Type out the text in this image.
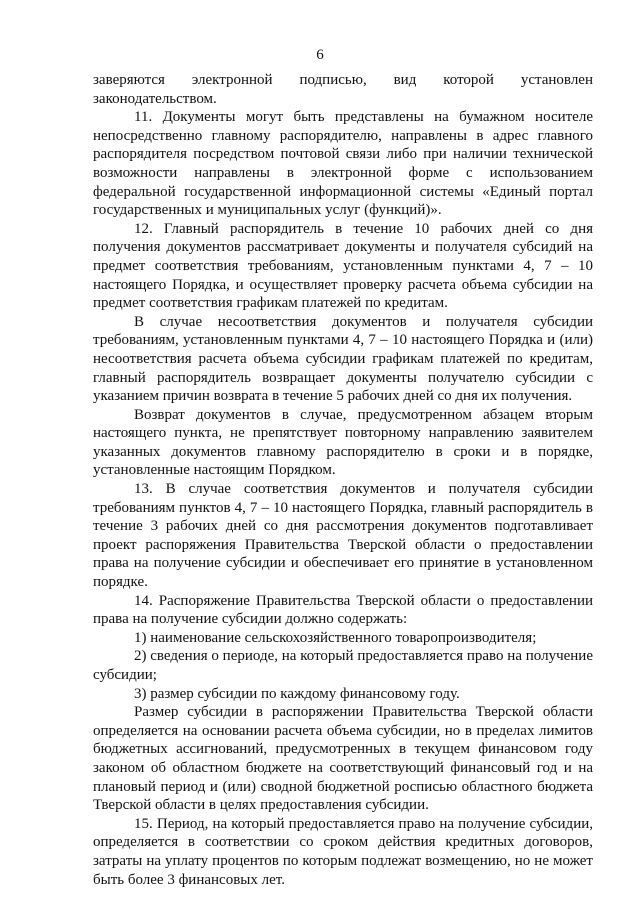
6

заверяются электронной подписью, вид которой установлен законодательством.

11. Документы могут быть представлены на бумажном носителе непосредственно главному распорядителю, направлены в адрес главного распорядителя посредством почтовой связи либо при наличии технической возможности направлены в электронной форме с использованием федеральной государственной информационной системы «Единый портал государственных и муниципальных услуг (функций)».

12. Главный распорядитель в течение 10 рабочих дней со дня получения документов рассматривает документы и получателя субсидий на предмет соответствия требованиям, установленным пунктами 4, 7 – 10 настоящего Порядка, и осуществляет проверку расчета объема субсидии на предмет соответствия графикам платежей по кредитам.

В случае несоответствия документов и получателя субсидии требованиям, установленным пунктами 4, 7 – 10 настоящего Порядка и (или) несоответствия расчета объема субсидии графикам платежей по кредитам, главный распорядитель возвращает документы получателю субсидии с указанием причин возврата в течение 5 рабочих дней со дня их получения.

Возврат документов в случае, предусмотренном абзацем вторым настоящего пункта, не препятствует повторному направлению заявителем указанных документов главному распорядителю в сроки и в порядке, установленные настоящим Порядком.

13. В случае соответствия документов и получателя субсидии требованиям пунктов 4, 7 – 10 настоящего Порядка, главный распорядитель в течение 3 рабочих дней со дня рассмотрения документов подготавливает проект распоряжения Правительства Тверской области о предоставлении права на получение субсидии и обеспечивает его принятие в установленном порядке.

14. Распоряжение Правительства Тверской области о предоставлении права на получение субсидии должно содержать:

1) наименование сельскохозяйственного товаропроизводителя;

2) сведения о периоде, на который предоставляется право на получение субсидии;

3) размер субсидии по каждому финансовому году.

Размер субсидии в распоряжении Правительства Тверской области определяется на основании расчета объема субсидии, но в пределах лимитов бюджетных ассигнований, предусмотренных в текущем финансовом году законом об областном бюджете на соответствующий финансовый год и на плановый период и (или) сводной бюджетной росписью областного бюджета Тверской области в целях предоставления субсидии.

15. Период, на который предоставляется право на получение субсидии, определяется в соответствии со сроком действия кредитных договоров, затраты на уплату процентов по которым подлежат возмещению, но не может быть более 3 финансовых лет.
